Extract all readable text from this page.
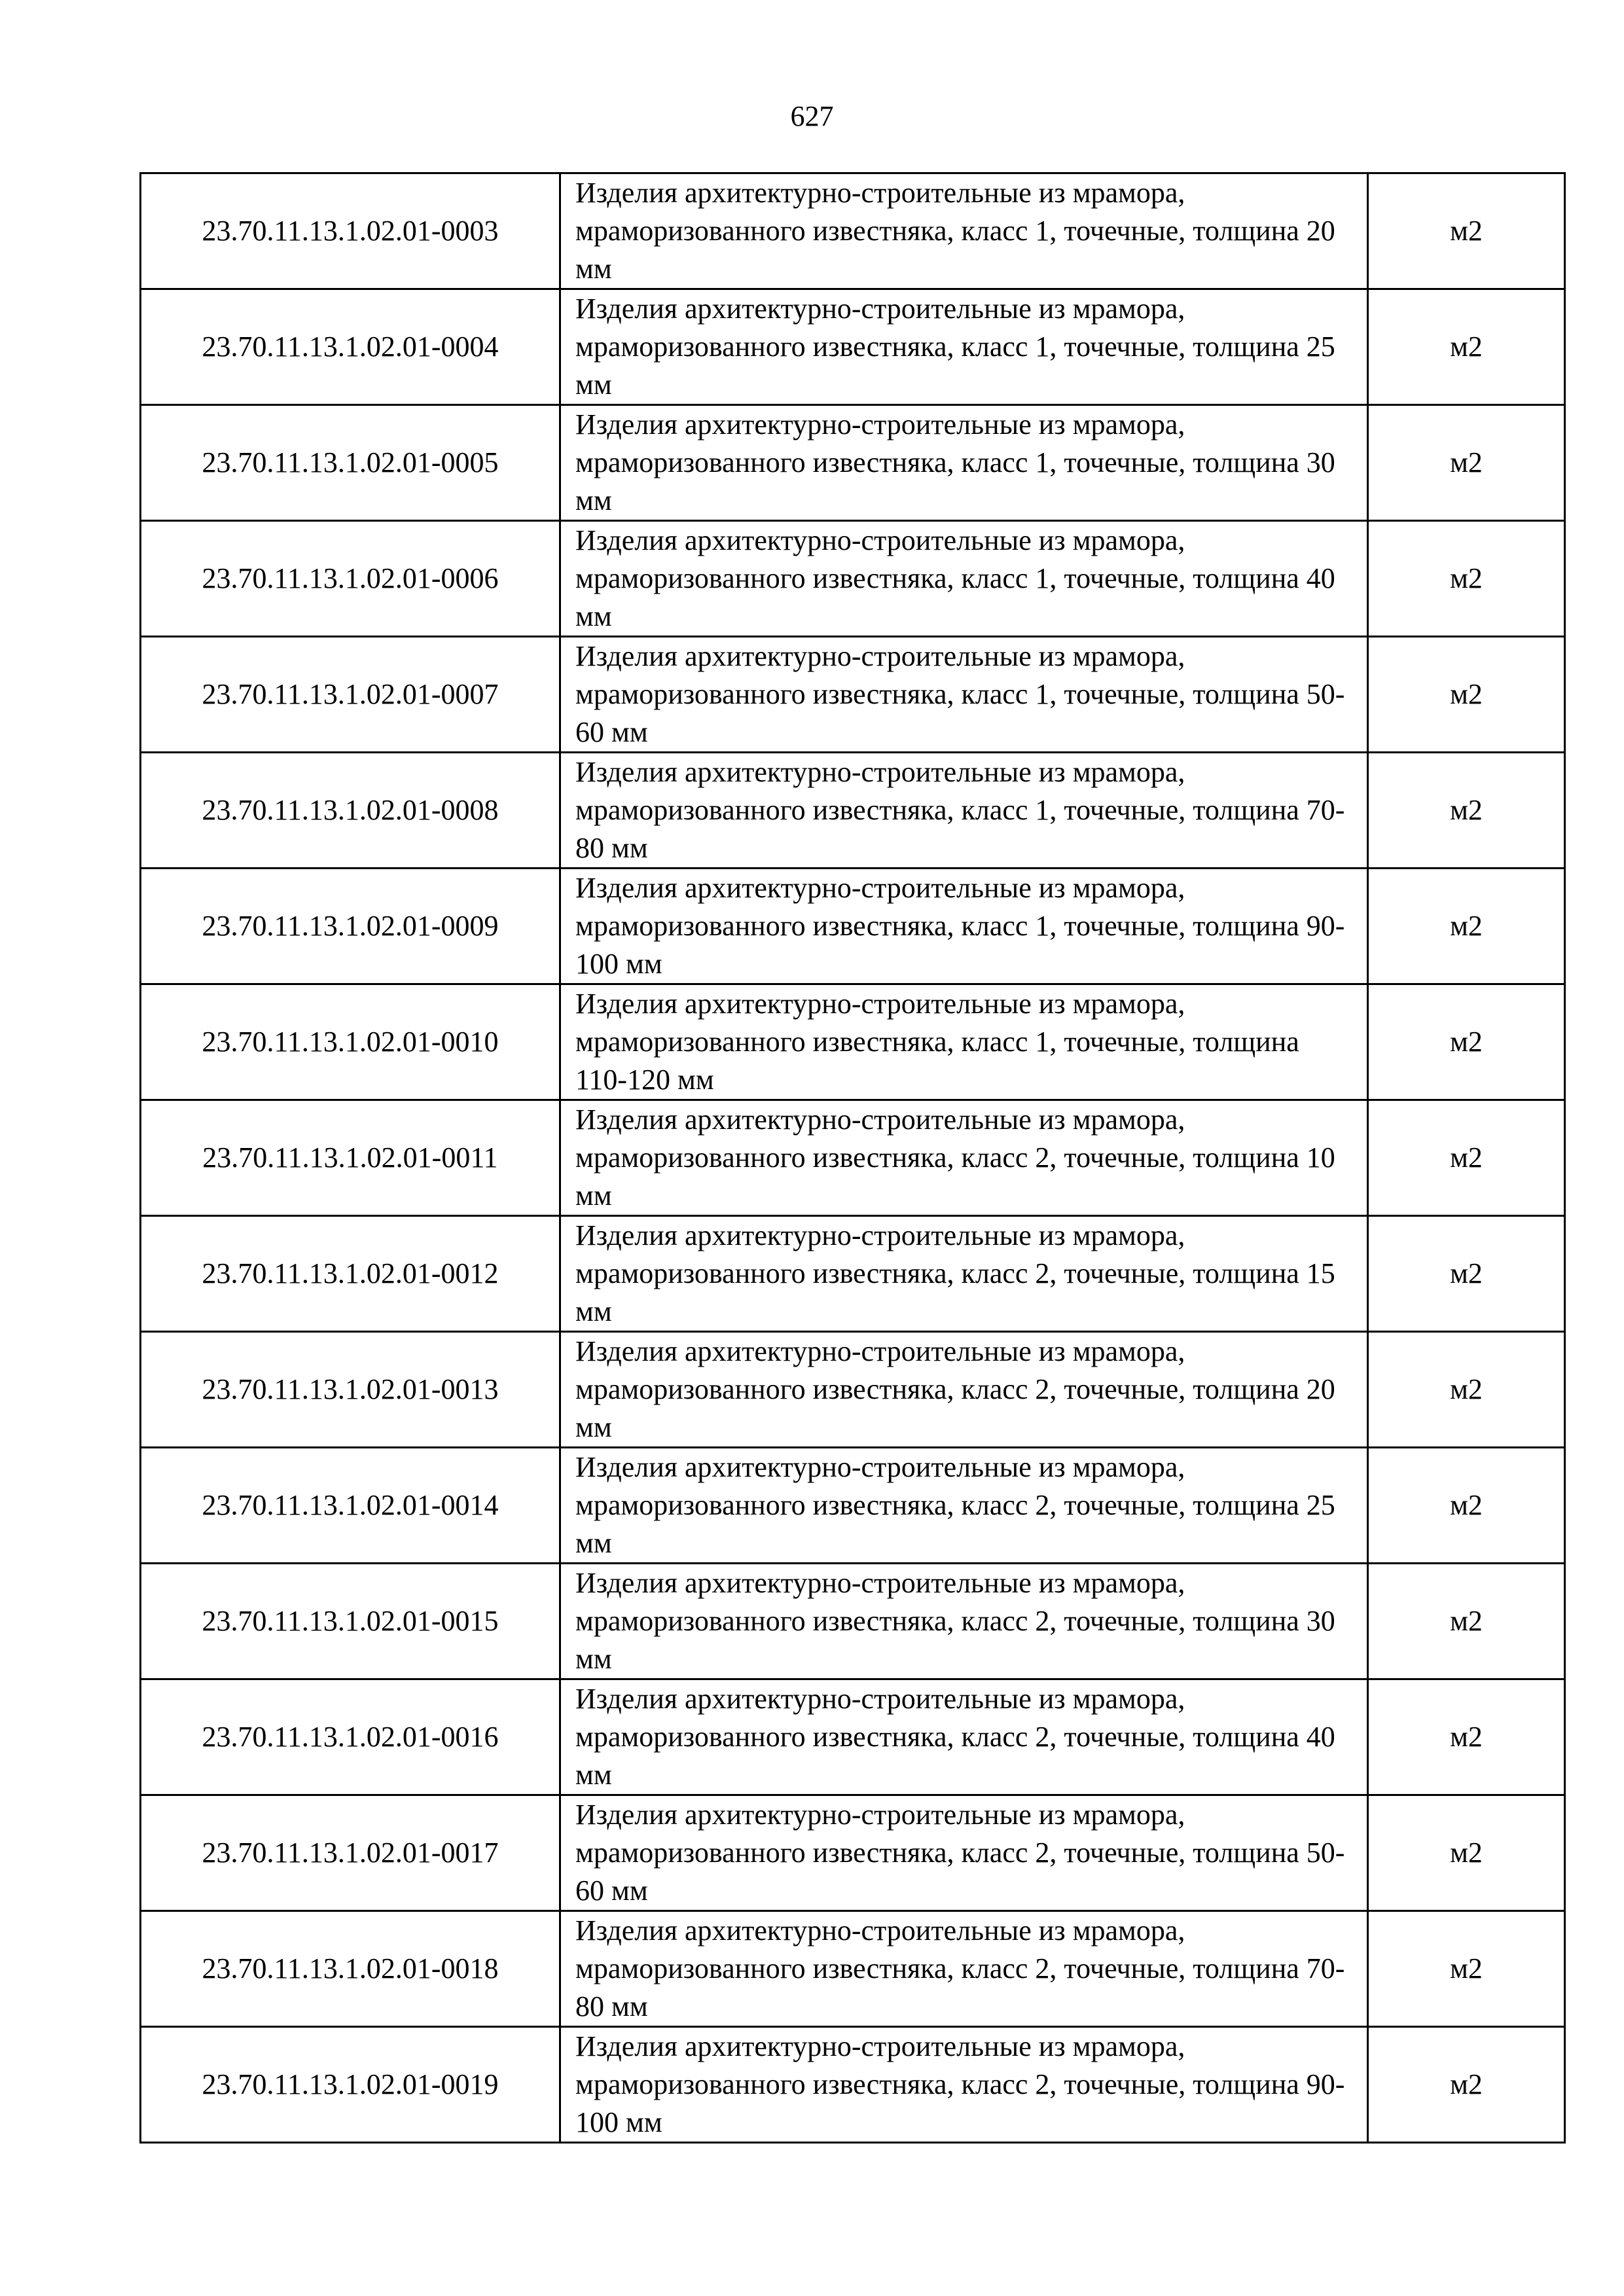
627
23.70.11.13.1.02.01-0003	Изделия архитектурно-строительные из мрамора, мраморизованного известняка, класс 1, точечные, толщина 20 мм	м2
23.70.11.13.1.02.01-0004	Изделия архитектурно-строительные из мрамора, мраморизованного известняка, класс 1, точечные, толщина 25 мм	м2
23.70.11.13.1.02.01-0005	Изделия архитектурно-строительные из мрамора, мраморизованного известняка, класс 1, точечные, толщина 30 мм	м2
23.70.11.13.1.02.01-0006	Изделия архитектурно-строительные из мрамора, мраморизованного известняка, класс 1, точечные, толщина 40 мм	м2
23.70.11.13.1.02.01-0007	Изделия архитектурно-строительные из мрамора, мраморизованного известняка, класс 1, точечные, толщина 50-60 мм	м2
23.70.11.13.1.02.01-0008	Изделия архитектурно-строительные из мрамора, мраморизованного известняка, класс 1, точечные, толщина 70-80 мм	м2
23.70.11.13.1.02.01-0009	Изделия архитектурно-строительные из мрамора, мраморизованного известняка, класс 1, точечные, толщина 90-100 мм	м2
23.70.11.13.1.02.01-0010	Изделия архитектурно-строительные из мрамора, мраморизованного известняка, класс 1, точечные, толщина 110-120 мм	м2
23.70.11.13.1.02.01-0011	Изделия архитектурно-строительные из мрамора, мраморизованного известняка, класс 2, точечные, толщина 10 мм	м2
23.70.11.13.1.02.01-0012	Изделия архитектурно-строительные из мрамора, мраморизованного известняка, класс 2, точечные, толщина 15 мм	м2
23.70.11.13.1.02.01-0013	Изделия архитектурно-строительные из мрамора, мраморизованного известняка, класс 2, точечные, толщина 20 мм	м2
23.70.11.13.1.02.01-0014	Изделия архитектурно-строительные из мрамора, мраморизованного известняка, класс 2, точечные, толщина 25 мм	м2
23.70.11.13.1.02.01-0015	Изделия архитектурно-строительные из мрамора, мраморизованного известняка, класс 2, точечные, толщина 30 мм	м2
23.70.11.13.1.02.01-0016	Изделия архитектурно-строительные из мрамора, мраморизованного известняка, класс 2, точечные, толщина 40 мм	м2
23.70.11.13.1.02.01-0017	Изделия архитектурно-строительные из мрамора, мраморизованного известняка, класс 2, точечные, толщина 50-60 мм	м2
23.70.11.13.1.02.01-0018	Изделия архитектурно-строительные из мрамора, мраморизованного известняка, класс 2, точечные, толщина 70-80 мм	м2
23.70.11.13.1.02.01-0019	Изделия архитектурно-строительные из мрамора, мраморизованного известняка, класс 2, точечные, толщина 90-100 мм	м2
